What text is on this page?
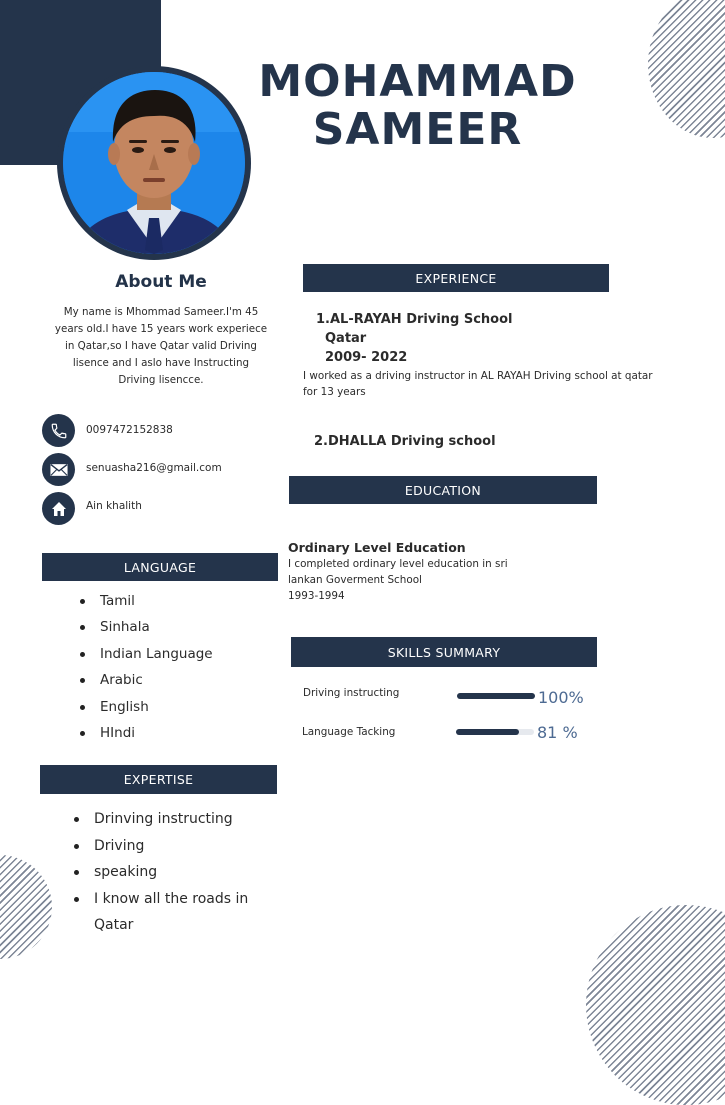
MOHAMMAD
SAMEER
About Me
My name is Mhommad Sameer.I'm 45 years old.I have 15 years work experiece in Qatar,so I have Qatar valid Driving lisence and I aslo have Instructing Driving lisencce.
0097472152838
senuasha216@gmail.com
Ain khalith
LANGUAGE
Tamil
Sinhala
Indian Language
Arabic
English
HIndi
EXPERTISE
Drinving instructing
Driving
speaking
I know all the roads in Qatar
EXPERIENCE
1.AL-RAYAH Driving School
Qatar
2009- 2022
I worked as a driving instructor in AL RAYAH Driving school at qatar for 13 years
2.DHALLA Driving school
EDUCATION
Ordinary Level Education
I completed ordinary level education in sri lankan Goverment School
1993-1994
SKILLS SUMMARY
Driving instructing	100%
Language Tacking	81 %
